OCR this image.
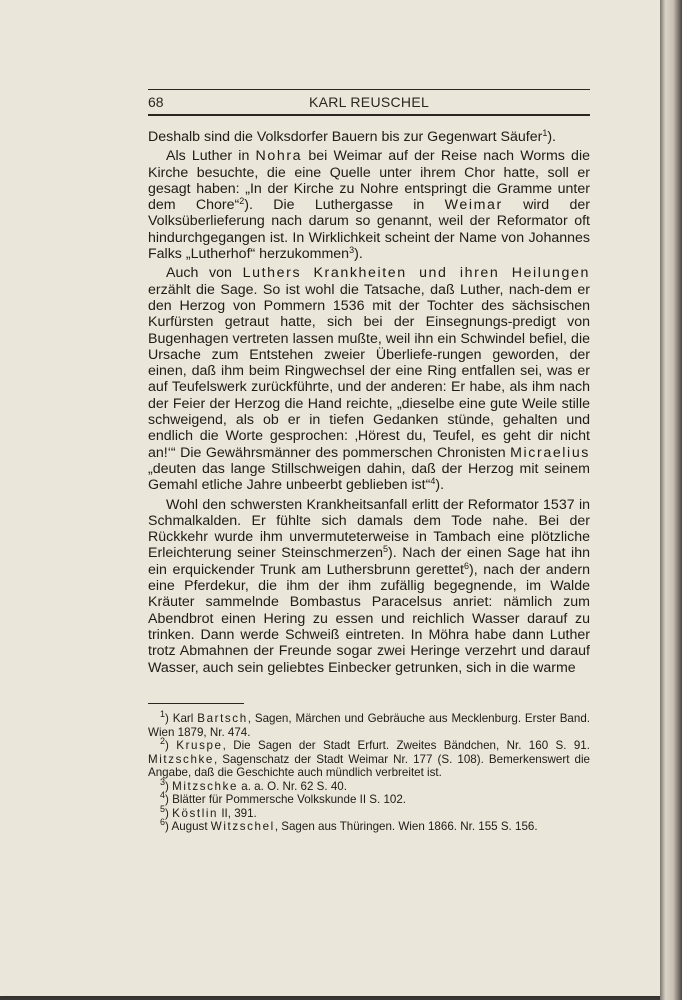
68	KARL REUSCHEL

Deshalb sind die Volksdorfer Bauern bis zur Gegenwart Säufer$^1$).

Als Luther in Nohra bei Weimar auf der Reise nach Worms die Kirche besuchte, die eine Quelle unter ihrem Chor hatte, soll er gesagt haben: „In der Kirche zu Nohre entspringt die Gramme unter dem Chore“$^2$). Die Luthergasse in Weimar wird der Volksüberlieferung nach darum so genannt, weil der Reformator oft hindurchgegangen ist. In Wirklichkeit scheint der Name von Johannes Falks „Lutherhof“ herzukommen$^3$).

Auch von Luthers Krankheiten und ihren Heilungen erzählt die Sage. So ist wohl die Tatsache, daß Luther, nach-dem er den Herzog von Pommern 1536 mit der Tochter des sächsischen Kurfürsten getraut hatte, sich bei der Einsegnungs-predigt von Bugenhagen vertreten lassen mußte, weil ihn ein Schwindel befiel, die Ursache zum Entstehen zweier Überliefe-rungen geworden, der einen, daß ihm beim Ringwechsel der eine Ring entfallen sei, was er auf Teufelswerk zurückführte, und der anderen: Er habe, als ihm nach der Feier der Herzog die Hand reichte, „dieselbe eine gute Weile stille schweigend, als ob er in tiefen Gedanken stünde, gehalten und endlich die Worte gesprochen: ‚Hörest du, Teufel, es geht dir nicht an!‘“ Die Gewährsmänner des pommerschen Chronisten Micraelius „deuten das lange Stillschweigen dahin, daß der Herzog mit seinem Gemahl etliche Jahre unbeerbt geblieben ist“$^4$).

Wohl den schwersten Krankheitsanfall erlitt der Reformator 1537 in Schmalkalden. Er fühlte sich damals dem Tode nahe. Bei der Rückkehr wurde ihm unvermuteterweise in Tambach eine plötzliche Erleichterung seiner Steinschmerzen$^5$). Nach der einen Sage hat ihn ein erquickender Trunk am Luthersbrunn gerettet$^6$), nach der andern eine Pferdekur, die ihm der ihm zufällig begegnende, im Walde Kräuter sammelnde Bombastus Paracelsus anriet: nämlich zum Abendbrot einen Hering zu essen und reichlich Wasser darauf zu trinken. Dann werde Schweiß eintreten. In Möhra habe dann Luther trotz Abmahnen der Freunde sogar zwei Heringe verzehrt und darauf Wasser, auch sein geliebtes Einbecker getrunken, sich in die warme

$^1$) Karl Bartsch, Sagen, Märchen und Gebräuche aus Mecklenburg. Erster Band. Wien 1879, Nr. 474.

$^2$) Kruspe, Die Sagen der Stadt Erfurt. Zweites Bändchen, Nr. 160 S. 91. Mitzschke, Sagenschatz der Stadt Weimar Nr. 177 (S. 108). Bemerkenswert die Angabe, daß die Geschichte auch mündlich verbreitet ist.

$^3$) Mitzschke a. a. O. Nr. 62 S. 40.

$^4$) Blätter für Pommersche Volkskunde II S. 102.

$^5$) Köstlin II, 391.

$^6$) August Witzschel, Sagen aus Thüringen. Wien 1866. Nr. 155 S. 156.
